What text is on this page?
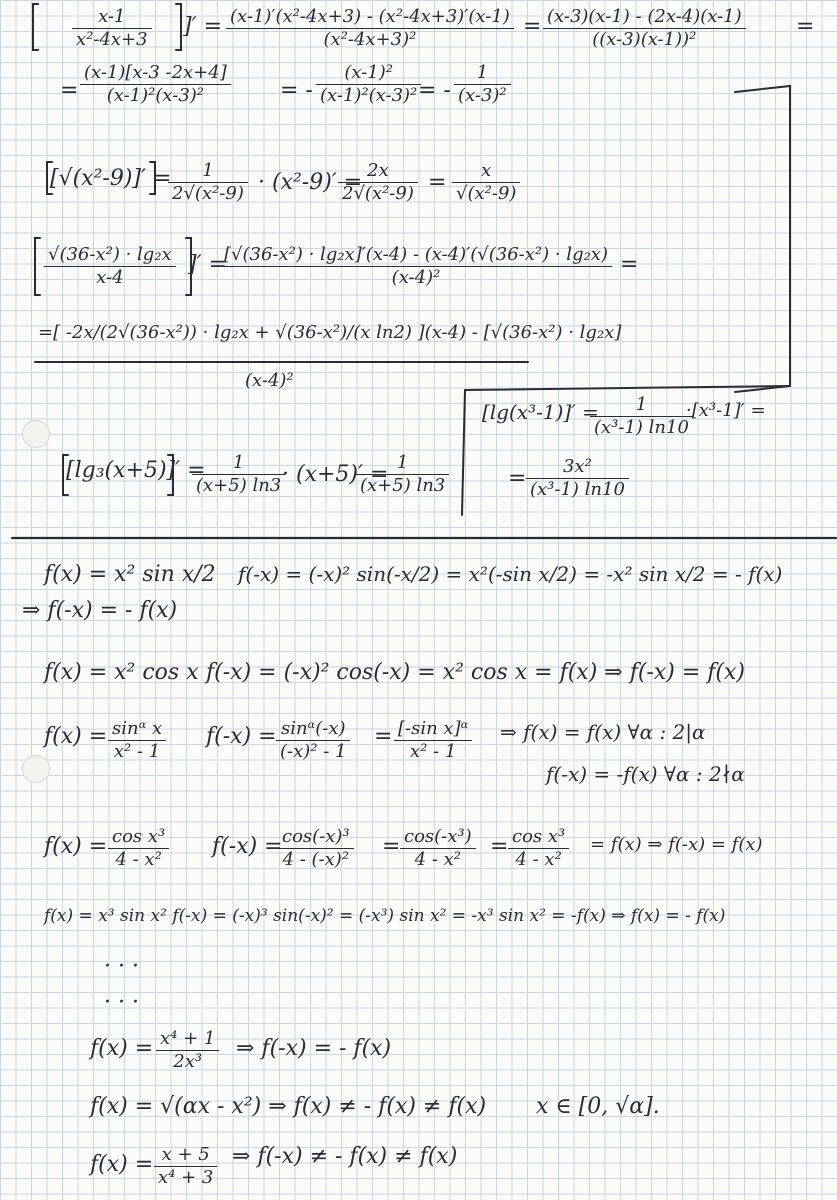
$\frac{x-1}{\text{x²-4x+3}}$ ]′ = $\frac{\text{(x-1)′(x²-4x+3) - (x²-4x+3)′(x-1)}}{\text{(x²-4x+3)²}} = \frac{(x-3)(x-1) - (2x-4)(x-1)}{\text{((x-3)(x-1))²}}$ =
= $\frac{(x-1)[x-3 -2x+4]}{\text{(x-1)²(x-3)²}}$ = - $\frac{\text{(x-1)²}}{\text{(x-1)²(x-3)²}}$
= - $\frac{1}{\text{(x-3)²}}$
[√(x²-9)]′ =
$\frac{1}{\text{2√(x²-9)}} \cdot (x^2-9)'$ =
$\frac{2x}{\text{2√(x²-9)}} = \frac{x}{\text{√(x²-9)}}$
$\frac{\text{√(36-x²) · lg₂x}}{x-4}$ ]′ =
$\frac{\text{[√(36-x²) · lg₂x]′(x-4) - (x-4)′(√(36-x²) · lg₂x)}}{\text{(x-4)²}}$ =
=[ -2x/(2√(36-x²)) · lg₂x + √(36-x²)/(x ln2) ](x-4) - [√(36-x²) · lg₂x]
(x-4)²
[lg₃(x+5)]′ =
$\frac{1}{(x+5) \ln 3}$
· (x+5)′ =
$\frac{1}{(x+5) \ln 3}$
[lg(x³-1)]′ =
$\frac{1}{\text{(x³-1) ln10}}$
·[x³-1]′ =
= $\frac{\text{3x²}}{\text{(x³-1) ln10}}$
f(x) = x² sin x/2 f(-x) = (-x)² sin(-x/2) = x²(-sin x/2) = -x² sin x/2 = - f(x)
⇒ f(-x) = - f(x)
f(x) = x² cos x f(-x) = (-x)² cos(-x) = x² cos x = f(x) ⇒ f(-x) = f(x)
$f(x) = \frac{\text{sinᵅ x}}{\text{x² - 1}} f(-x) = \frac{\text{sinᵅ(-x)}}{\text{(-x)² - 1}} = \frac{\text{[-sin x]ᵅ}}{\text{x² - 1}}$ ⇒ f(x) = f(x) ∀α : 2|α
f(-x) = -f(x) ∀α : 2∤α
$f(x) = \frac{\text{cos x³}}{\text{4 - x²}} f(-x)$ =
$\frac{\text{cos(-x)³}}{\text{4 - (-x)²}} = \frac{\text{cos(-x³)}}{\text{4 - x²}} = \frac{\text{cos x³}}{\text{4 - x²}} = f(x)$ ⇒ f(-x) = f(x)
f(x) = x³ sin x² f(-x) = (-x)³ sin(-x)² = (-x³) sin x² = -x³ sin x² = -f(x) ⇒ f(x) = - f(x)
· · ·
· · ·
$f(x) = \frac{\text{x⁴ + 1}}{\text{2x³}}$ ⇒ f(-x) = - f(x)
f(x) = √(αx - x²) ⇒ f(x) ≠ - f(x) ≠ f(x) x ∈ [0, √α].
$f(x) = \frac{x + 5}{\text{x⁴ + 3}}$ ⇒ f(-x) ≠ - f(x) ≠ f(x)
